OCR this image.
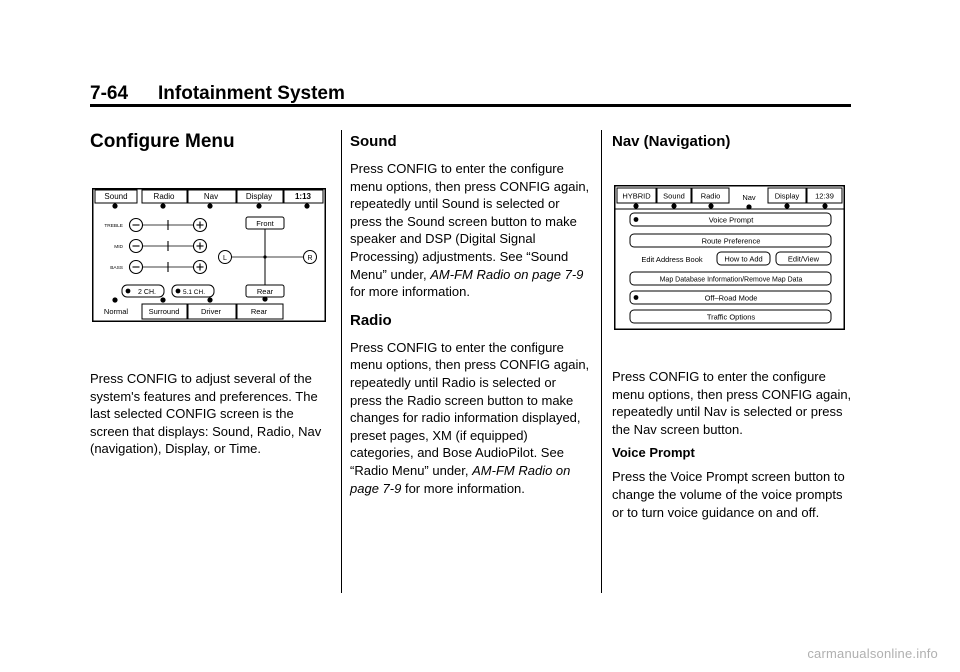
7-64 Infotainment System
Configure Menu

Press CONFIG to adjust several of the system's features and preferences. The last selected CONFIG screen is the screen that displays: Sound, Radio, Nav (navigation), Display, or Time.

Sound	Radio	Nav	Display	1:13
TREBLE
MID
BASS
Front
Rear
L	R
2 CH.	5.1 CH.
Normal	Surround	Driver	Rear
Sound

Press CONFIG to enter the configure menu options, then press CONFIG again, repeatedly until Sound is selected or press the Sound screen button to make speaker and DSP (Digital Signal Processing) adjustments. See “Sound Menu” under, AM-FM Radio on page 7-9 for more information.

Radio

Press CONFIG to enter the configure menu options, then press CONFIG again, repeatedly until Radio is selected or press the Radio screen button to make changes for radio information displayed, preset pages, XM (if equipped) categories, and Bose AudioPilot. See “Radio Menu” under, AM-FM Radio on page 7-9 for more information.

Nav (Navigation)

Press CONFIG to enter the configure menu options, then press CONFIG again, repeatedly until Nav is selected or press the Nav screen button.

Voice Prompt

Press the Voice Prompt screen button to change the volume of the voice prompts or to turn voice guidance on and off.

HYBRID Sound Radio	Nav	Display 12:39
Voice Prompt
Route Preference
Edit Address Book	How to Add	Edit/View
Map Database Information/Remove Map Data
Off–Road Mode
Traffic Options
carmanualsonline.info
